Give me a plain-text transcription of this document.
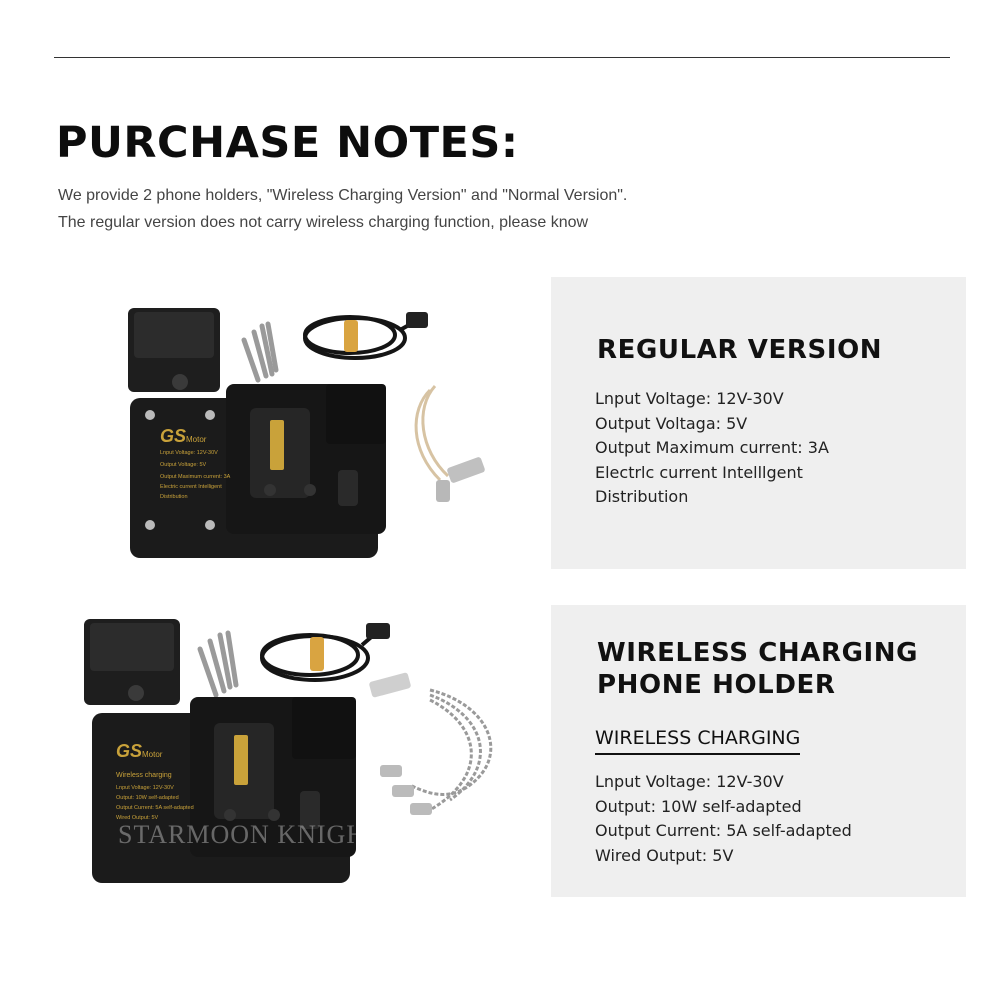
PURCHASE NOTES:
We provide 2 phone holders, "Wireless Charging Version" and "Normal Version".
The regular version does not carry wireless charging function, please know
GS Motor
Lnput Voltage: 12V-30V
Output Voltage: 5V
Output Maximum current: 3A
Electric current Intelligent
Distribution
REGULAR VERSION
Lnput Voltage: 12V-30V
Output Voltaga: 5V
Output Maximum current: 3A
Electrlc current Intelllgent
Distribution
GS Motor
Wireless charging
Lnput Voltage: 12V-30V
Output: 10W self-adapted
Output Current: 5A self-adapted
Wired Output: 5V
STARMOON KNIGHT
WIRELESS CHARGING
PHONE HOLDER
WIRELESS CHARGING
Lnput Voltage: 12V-30V
Output: 10W self-adapted
Output Current: 5A self-adapted
Wired Output: 5V
